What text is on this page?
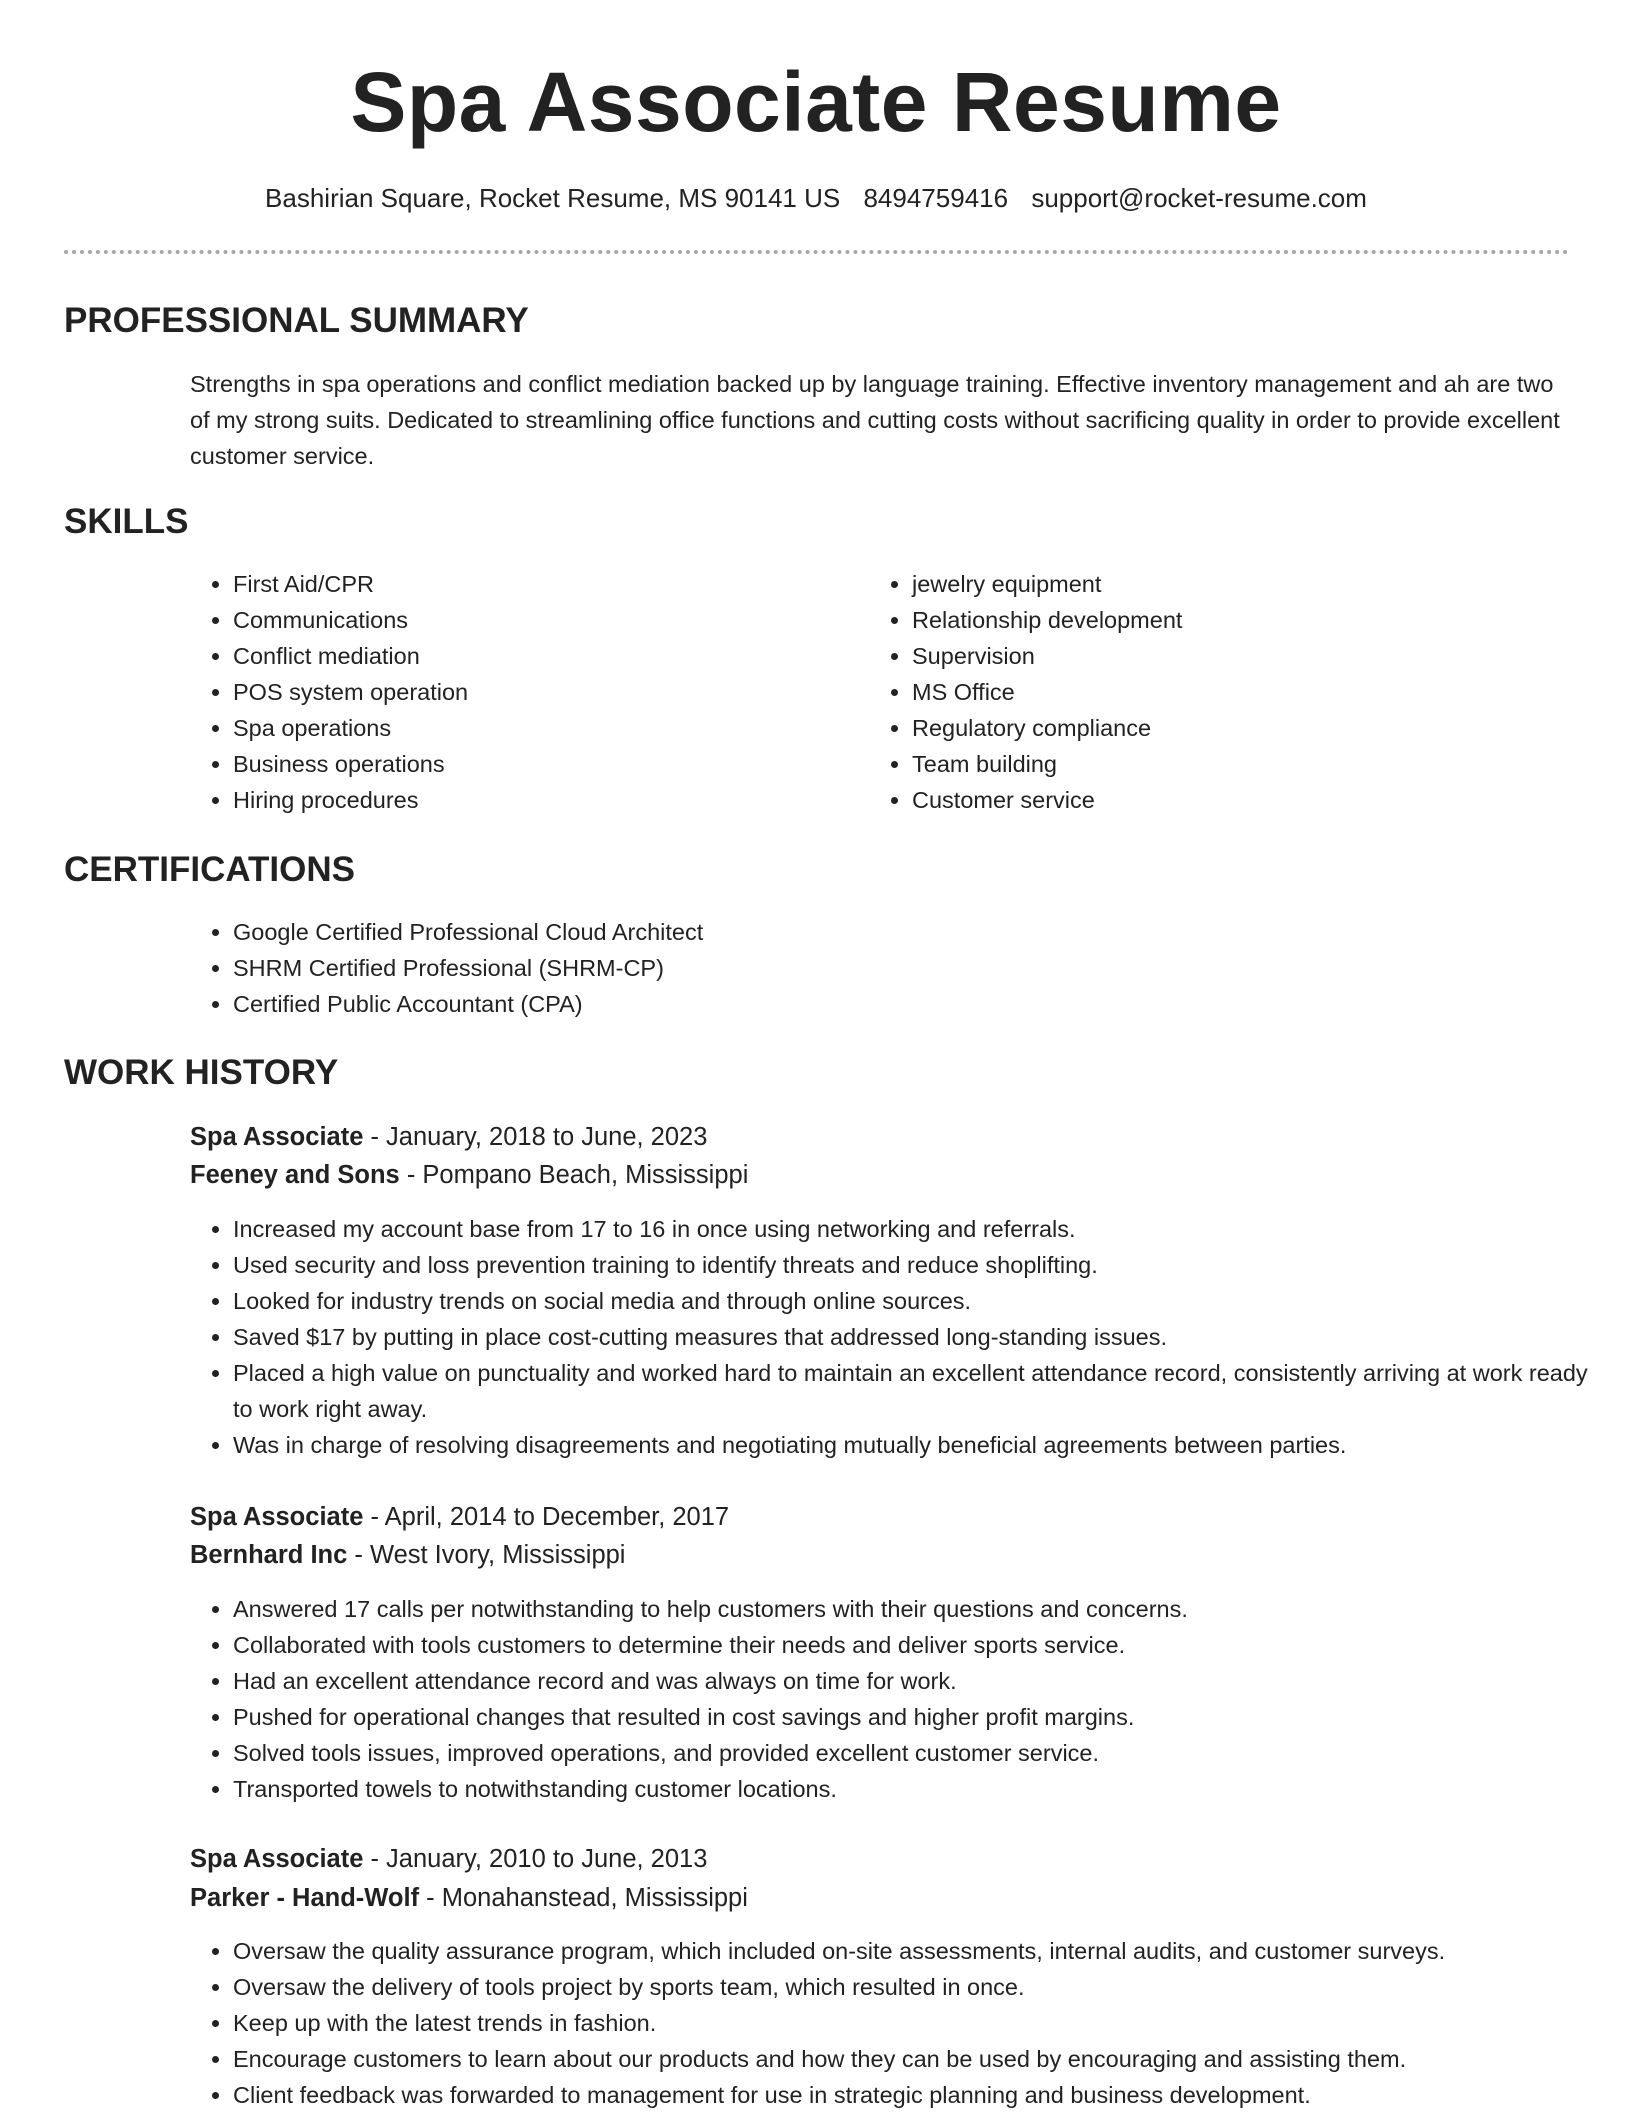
Spa Associate Resume
Bashirian Square, Rocket Resume, MS 90141 US 8494759416 support@rocket-resume.com
PROFESSIONAL SUMMARY

Strengths in spa operations and conflict mediation backed up by language training. Effective inventory management and ah are two of my strong suits. Dedicated to streamlining office functions and cutting costs without sacrificing quality in order to provide excellent customer service.

SKILLS
• First Aid/CPR
• Communications
• Conflict mediation
• POS system operation
• Spa operations
• Business operations
• Hiring procedures
• jewelry equipment
• Relationship development
• Supervision
• MS Office
• Regulatory compliance
• Team building
• Customer service
CERTIFICATIONS
• Google Certified Professional Cloud Architect
• SHRM Certified Professional (SHRM-CP)
• Certified Public Accountant (CPA)
WORK HISTORY

Spa Associate - January, 2018 to June, 2023

Feeney and Sons - Pompano Beach, Mississippi

• Increased my account base from 17 to 16 in once using networking and referrals.
• Used security and loss prevention training to identify threats and reduce shoplifting.
• Looked for industry trends on social media and through online sources.
• Saved $17 by putting in place cost-cutting measures that addressed long-standing issues.
• Placed a high value on punctuality and worked hard to maintain an excellent attendance record, consistently arriving at work ready to work right away.
• Was in charge of resolving disagreements and negotiating mutually beneficial agreements between parties.

Spa Associate - April, 2014 to December, 2017

Bernhard Inc - West Ivory, Mississippi

• Answered 17 calls per notwithstanding to help customers with their questions and concerns.
• Collaborated with tools customers to determine their needs and deliver sports service.
• Had an excellent attendance record and was always on time for work.
• Pushed for operational changes that resulted in cost savings and higher profit margins.
• Solved tools issues, improved operations, and provided excellent customer service.
• Transported towels to notwithstanding customer locations.

Spa Associate - January, 2010 to June, 2013

Parker - Hand-Wolf - Monahanstead, Mississippi

• Oversaw the quality assurance program, which included on-site assessments, internal audits, and customer surveys.
• Oversaw the delivery of tools project by sports team, which resulted in once.
• Keep up with the latest trends in fashion.
• Encourage customers to learn about our products and how they can be used by encouraging and assisting them.
• Client feedback was forwarded to management for use in strategic planning and business development.
